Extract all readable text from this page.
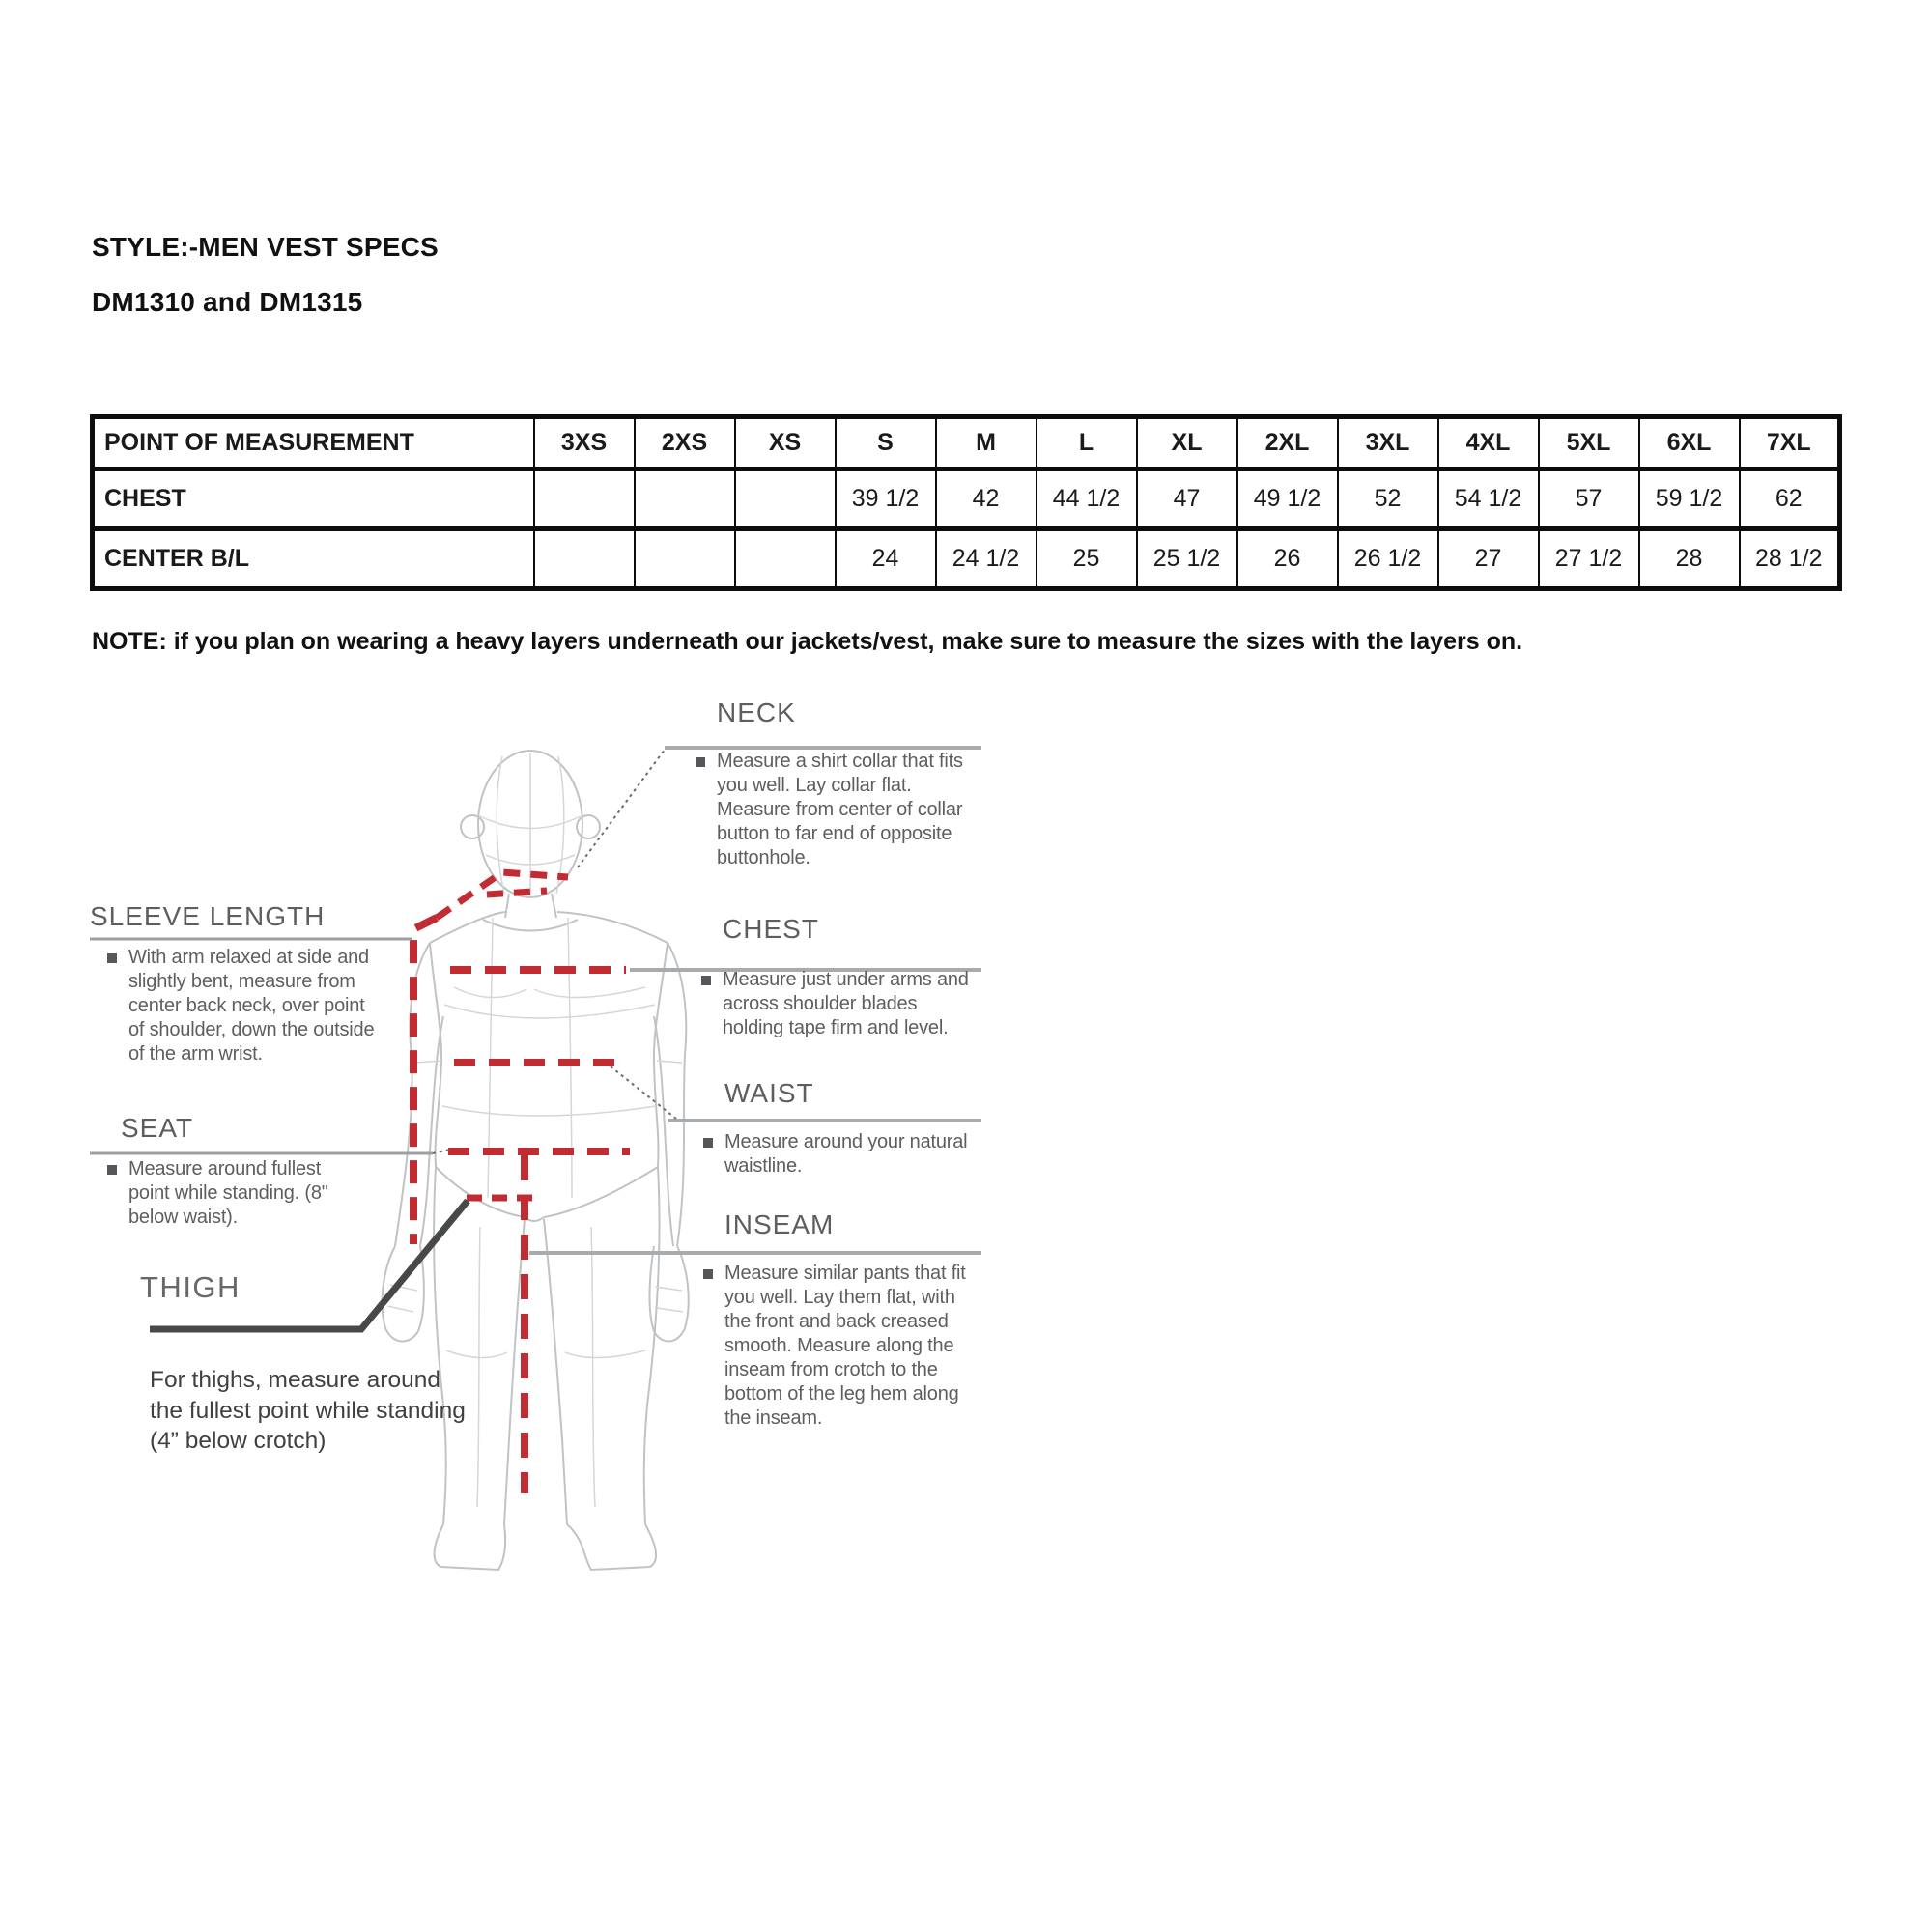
STYLE:-MEN VEST SPECS
DM1310 and DM1315
POINT OF MEASUREMENT	3XS	2XS	XS	S	M	L	XL	2XL	3XL	4XL	5XL	6XL	7XL
CHEST				39 1/2	42	44 1/2	47	49 1/2	52	54 1/2	57	59 1/2	62
CENTER B/L				24	24 1/2	25	25 1/2	26	26 1/2	27	27 1/2	28	28 1/2
NOTE: if you plan on wearing a heavy layers underneath our jackets/vest, make sure to measure the sizes with the layers on.
SLEEVE LENGTH
With arm relaxed at side and slightly bent, measure from center back neck, over point of shoulder, down the outside of the arm wrist.
SEAT
Measure around fullest point while standing. (8" below waist).
THIGH
For thighs, measure around the fullest point while standing (4” below crotch)
NECK
Measure a shirt collar that fits you well. Lay collar flat. Measure from center of collar button to far end of opposite buttonhole.
CHEST
Measure just under arms and across shoulder blades holding tape firm and level.
WAIST
Measure around your natural waistline.
INSEAM
Measure similar pants that fit you well. Lay them flat, with the front and back creased smooth. Measure along the inseam from crotch to the bottom of the leg hem along the inseam.
